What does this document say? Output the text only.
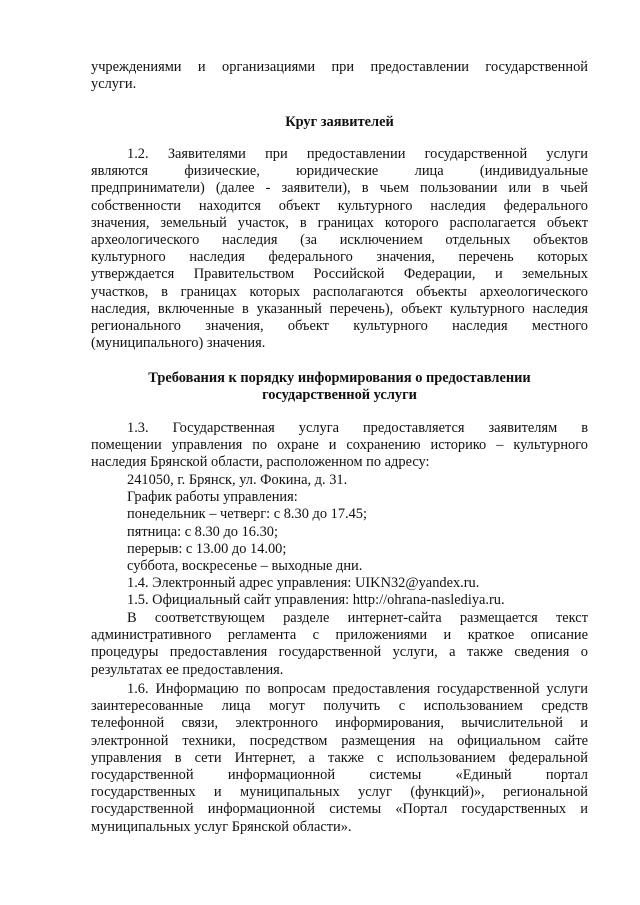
учреждениями и организациями при предоставлении государственной
услуги.
Круг заявителей
1.2. Заявителями при предоставлении государственной услуги
являются физические, юридические лица (индивидуальные
предприниматели) (далее - заявители), в чьем пользовании или в чьей
собственности находится объект культурного наследия федерального
значения, земельный участок, в границах которого располагается объект
археологического наследия (за исключением отдельных объектов
культурного наследия федерального значения, перечень которых
утверждается Правительством Российской Федерации, и земельных
участков, в границах которых располагаются объекты археологического
наследия, включенные в указанный перечень), объект культурного наследия
регионального значения, объект культурного наследия местного
(муниципального) значения.
Требования к порядку информирования о предоставлении
государственной услуги
1.3. Государственная услуга предоставляется заявителям в
помещении управления по охране и сохранению историко – культурного
наследия Брянской области, расположенном по адресу:
241050, г. Брянск, ул. Фокина, д. 31.
График работы управления:
понедельник – четверг: с 8.30 до 17.45;
пятница: с 8.30 до 16.30;
перерыв: с 13.00 до 14.00;
суббота, воскресенье – выходные дни.
1.4. Электронный адрес управления: UIKN32@yandex.ru.
1.5. Официальный сайт управления: http://ohrana-naslediya.ru.
В соответствующем разделе интернет-сайта размещается текст
административного регламента с приложениями и краткое описание
процедуры предоставления государственной услуги, а также сведения о
результатах ее предоставления.
1.6. Информацию по вопросам предоставления государственной услуги
заинтересованные лица могут получить с использованием средств
телефонной связи, электронного информирования, вычислительной и
электронной техники, посредством размещения на официальном сайте
управления в сети Интернет, а также с использованием федеральной
государственной информационной системы «Единый портал
государственных и муниципальных услуг (функций)», региональной
государственной информационной системы «Портал государственных и
муниципальных услуг Брянской области».
